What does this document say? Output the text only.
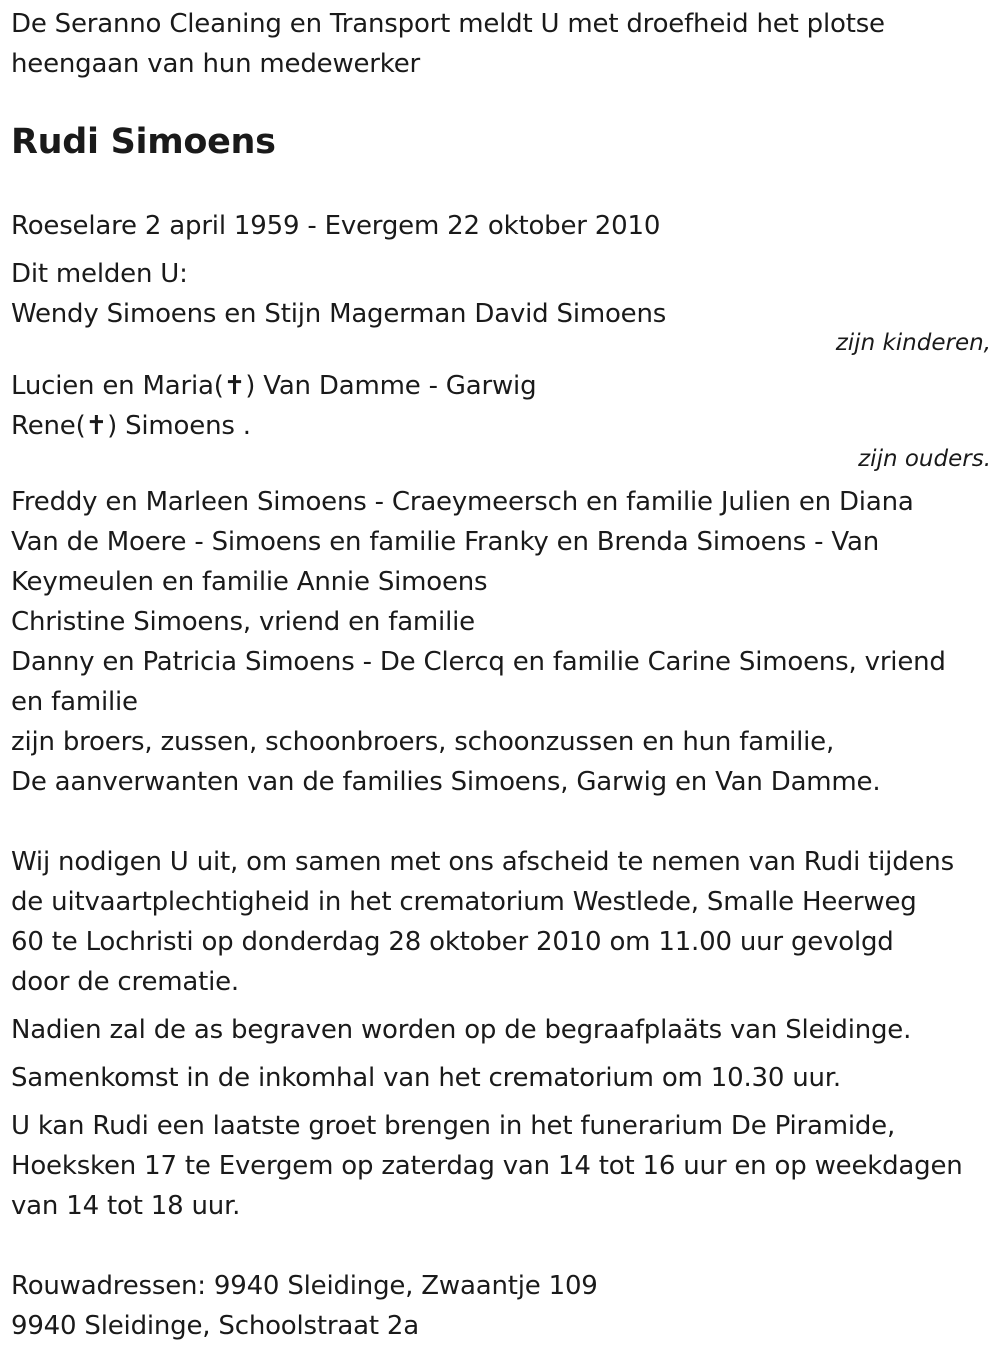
De Seranno Cleaning en Transport meldt U met droefheid het plotse
heengaan van hun medewerker
Rudi Simoens
Roeselare 2 april 1959 - Evergem 22 oktober 2010
Dit melden U:
Wendy Simoens en Stijn Magerman David Simoens
zijn kinderen,
Lucien en Maria(✝) Van Damme - Garwig
Rene(✝) Simoens .
zijn ouders.
Freddy en Marleen Simoens - Craeymeersch en familie Julien en Diana
Van de Moere - Simoens en familie Franky en Brenda Simoens - Van
Keymeulen en familie Annie Simoens
Christine Simoens, vriend en familie
Danny en Patricia Simoens - De Clercq en familie Carine Simoens, vriend
en familie
zijn broers, zussen, schoonbroers, schoonzussen en hun familie,
De aanverwanten van de families Simoens, Garwig en Van Damme.
Wij nodigen U uit, om samen met ons afscheid te nemen van Rudi tijdens
de uitvaartplechtigheid in het crematorium Westlede, Smalle Heerweg
60 te Lochristi op donderdag 28 oktober 2010 om 11.00 uur gevolgd
door de crematie.
Nadien zal de as begraven worden op de begraafplaäts van Sleidinge.
Samenkomst in de inkomhal van het crematorium om 10.30 uur.
U kan Rudi een laatste groet brengen in het funerarium De Piramide,
Hoeksken 17 te Evergem op zaterdag van 14 tot 16 uur en op weekdagen
van 14 tot 18 uur.
Rouwadressen: 9940 Sleidinge, Zwaantje 109
9940 Sleidinge, Schoolstraat 2a
